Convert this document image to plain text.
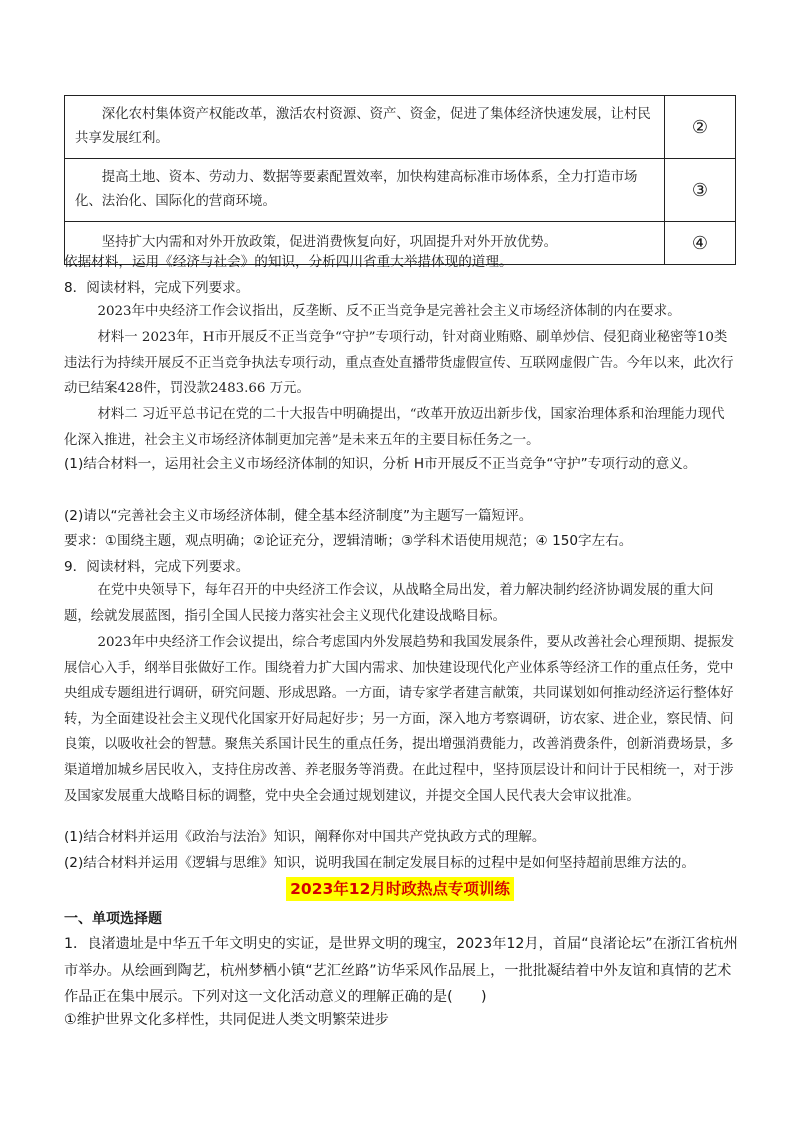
深化农村集体资产权能改革，激活农村资源、资产、资金，促进了集体经济快速发展，让村民共享发展红利。	②
提高土地、资本、劳动力、数据等要素配置效率，加快构建高标准市场体系，全力打造市场化、法治化、国际化的营商环境。	③
坚持扩大内需和对外开放政策，促进消费恢复向好，巩固提升对外开放优势。	④
依据材料，运用《经济与社会》的知识，分析四川省重大举措体现的道理。
8．阅读材料，完成下列要求。
2023年中央经济工作会议指出，反垄断、反不正当竞争是完善社会主义市场经济体制的内在要求。
材料一 2023年，H市开展反不正当竞争“守护”专项行动，针对商业贿赂、刷单炒信、侵犯商业秘密等10类违法行为持续开展反不正当竞争执法专项行动，重点查处直播带货虚假宣传、互联网虚假广告。今年以来，此次行动已结案428件，罚没款2483.66 万元。
材料二 习近平总书记在党的二十大报告中明确提出，“改革开放迈出新步伐，国家治理体系和治理能力现代化深入推进，社会主义市场经济体制更加完善”是未来五年的主要目标任务之一。
(1)结合材料一，运用社会主义市场经济体制的知识，分析 H市开展反不正当竞争“守护”专项行动的意义。
(2)请以“完善社会主义市场经济体制，健全基本经济制度”为主题写一篇短评。
要求：①围绕主题，观点明确；②论证充分，逻辑清晰；③学科术语使用规范；④ 150字左右。
9．阅读材料，完成下列要求。
在党中央领导下，每年召开的中央经济工作会议，从战略全局出发，着力解决制约经济协调发展的重大问题，绘就发展蓝图，指引全国人民接力落实社会主义现代化建设战略目标。
2023年中央经济工作会议提出，综合考虑国内外发展趋势和我国发展条件，要从改善社会心理预期、提振发展信心入手，纲举目张做好工作。围绕着力扩大国内需求、加快建设现代化产业体系等经济工作的重点任务，党中央组成专题组进行调研，研究问题、形成思路。一方面，请专家学者建言献策，共同谋划如何推动经济运行整体好转，为全面建设社会主义现代化国家开好局起好步；另一方面，深入地方考察调研，访农家、进企业，察民情、问良策，以吸收社会的智慧。聚焦关系国计民生的重点任务，提出增强消费能力，改善消费条件，创新消费场景，多渠道增加城乡居民收入，支持住房改善、养老服务等消费。在此过程中，坚持顶层设计和问计于民相统一，对于涉及国家发展重大战略目标的调整，党中央全会通过规划建议，并提交全国人民代表大会审议批准。
(1)结合材料并运用《政治与法治》知识，阐释你对中国共产党执政方式的理解。
(2)结合材料并运用《逻辑与思维》知识，说明我国在制定发展目标的过程中是如何坚持超前思维方法的。
2023年12月时政热点专项训练
一、单项选择题
1．良渚遗址是中华五千年文明史的实证，是世界文明的瑰宝，2023年12月，首届“良渚论坛”在浙江省杭州市举办。从绘画到陶艺，杭州梦栖小镇“艺汇丝路”访华采风作品展上，一批批凝结着中外友谊和真情的艺术作品正在集中展示。下列对这一文化活动意义的理解正确的是(　　)
①维护世界文化多样性，共同促进人类文明繁荣进步
